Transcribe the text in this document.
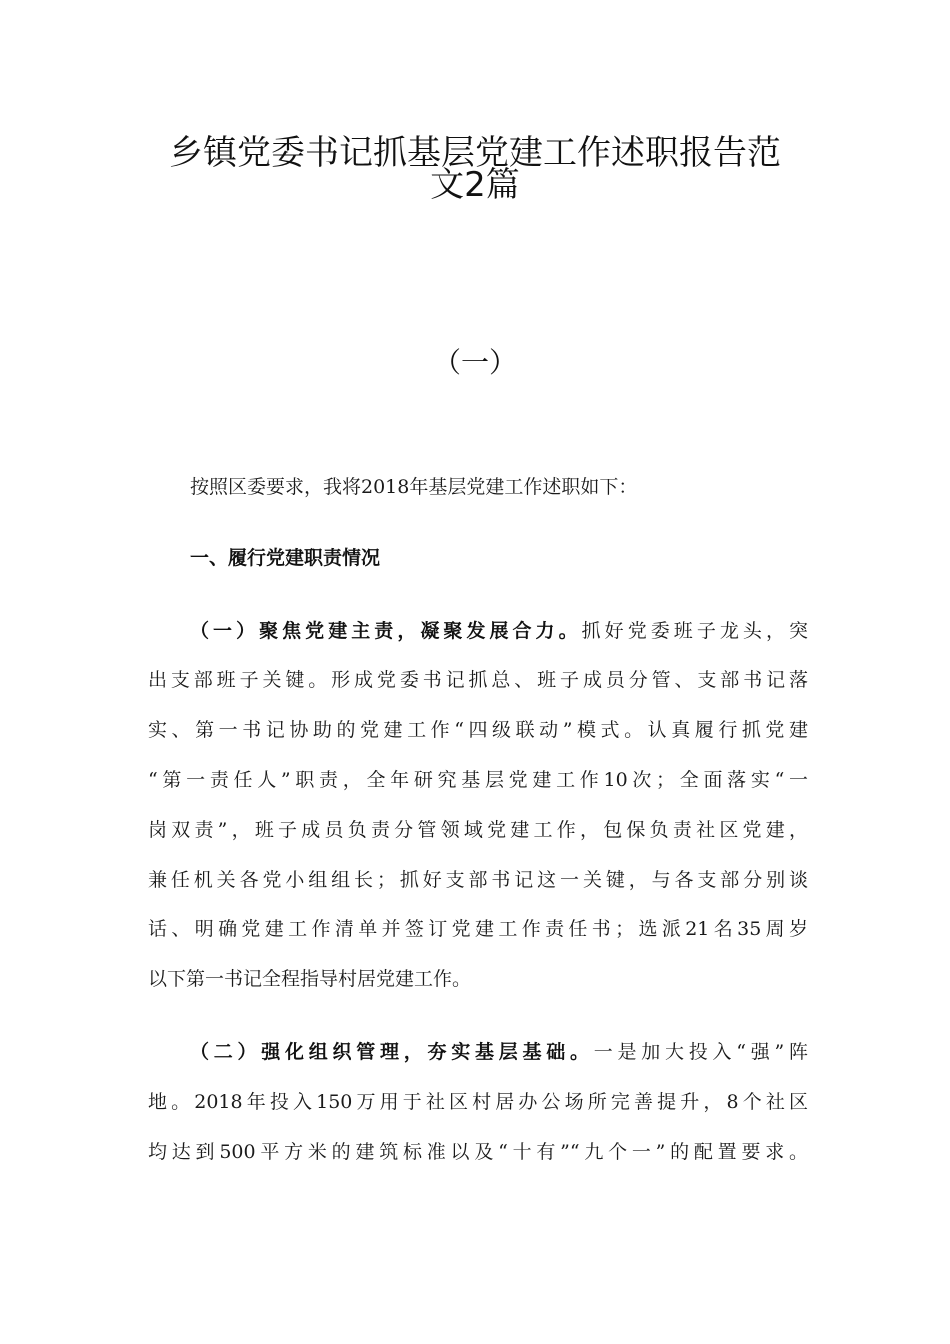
乡镇党委书记抓基层党建工作述职报告范
文2篇
（一）
按照区委要求，我将2018年基层党建工作述职如下：
一、履行党建职责情况
（一）聚焦党建主责，凝聚发展合力。抓好党委班子龙头，突
出支部班子关键。形成党委书记抓总、班子成员分管、支部书记落
实、第一书记协助的党建工作“四级联动”模式。认真履行抓党建
“第一责任人”职责，全年研究基层党建工作10次；全面落实“一
岗双责”，班子成员负责分管领域党建工作，包保负责社区党建，
兼任机关各党小组组长；抓好支部书记这一关键，与各支部分别谈
话、明确党建工作清单并签订党建工作责任书；选派21名35周岁
以下第一书记全程指导村居党建工作。
（二）强化组织管理，夯实基层基础。一是加大投入“强”阵
地。2018年投入150万用于社区村居办公场所完善提升，8个社区
均达到500平方米的建筑标准以及“十有”“九个一”的配置要求。
